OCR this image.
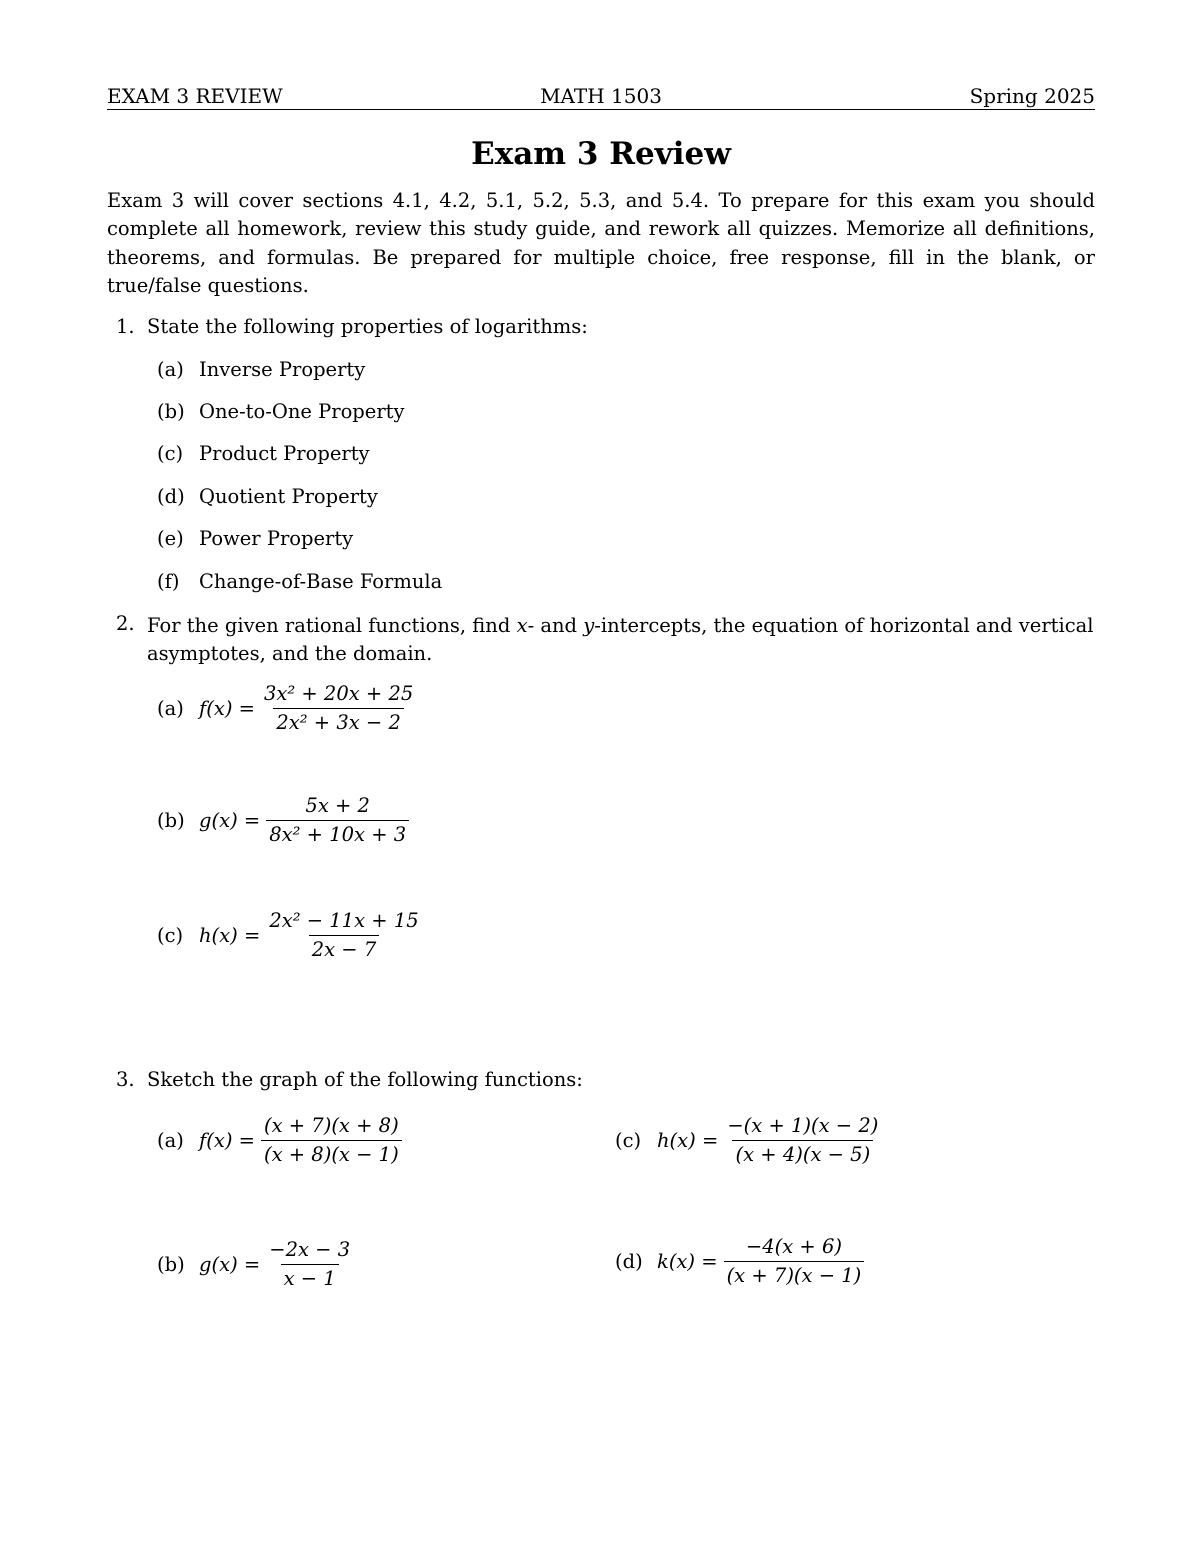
EXAM 3 REVIEW	MATH 1503	Spring 2025
Exam 3 Review
Exam 3 will cover sections 4.1, 4.2, 5.1, 5.2, 5.3, and 5.4. To prepare for this exam you should complete all homework, review this study guide, and rework all quizzes. Memorize all definitions, theorems, and formulas. Be prepared for multiple choice, free response, fill in the blank, or true/false questions.
1. State the following properties of logarithms:
(a) Inverse Property
(b) One-to-One Property
(c) Product Property
(d) Quotient Property
(e) Power Property
(f) Change-of-Base Formula
2. For the given rational functions, find x- and y-intercepts, the equation of horizontal and vertical asymptotes, and the domain.
(a) $f(x) = \frac{\text{3x² + 20x + 25}}{\text{2x² + 3x − 2}}$
(b) $g(x) = \frac{5x + 2}{\text{8x² + 10x + 3}}$
(c) $h(x) = \frac{\text{2x² − 11x + 15}}{2x - 7}$
3. Sketch the graph of the following functions:
(a) $f(x) = \frac{(x + 7)(x + 8)}{(x + 8)(x - 1)}$
(b) $g(x) = \frac{-2x - 3}{x - 1}$
(c) $h(x) = \frac{-(x + 1)(x - 2)}{(x + 4)(x - 5)}$
(d) $k(x) = \frac{-4(x + 6)}{(x + 7)(x - 1)}$
